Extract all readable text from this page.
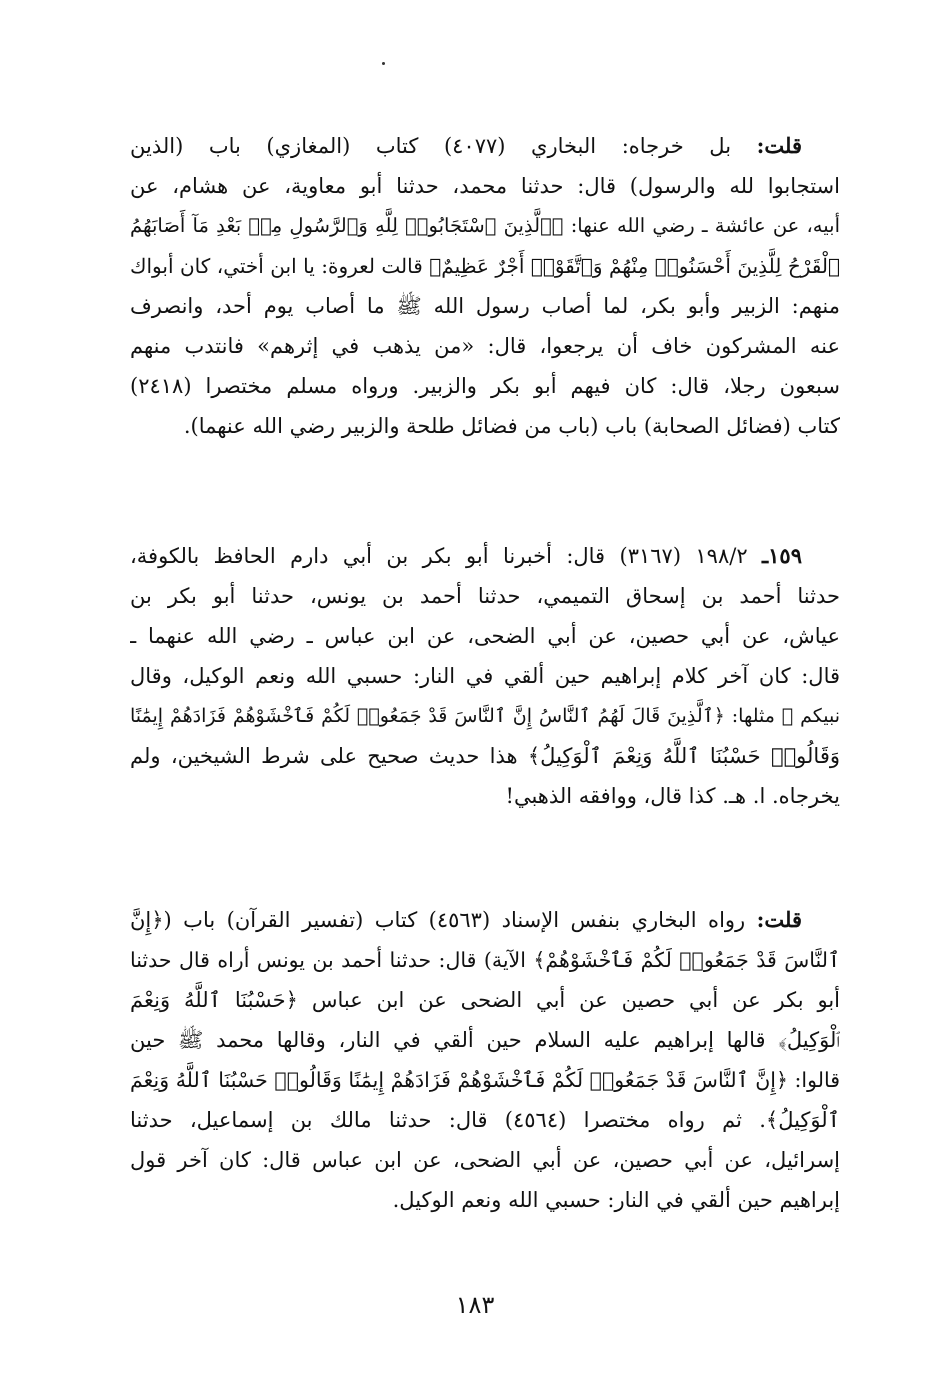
قلت: بل خرجاه: البخاري (٤٠٧٧) كتاب (المغازي) باب (الذين
استجابوا لله والرسول) قال: حدثنا محمد، حدثنا أبو معاوية، عن هشام، عن
أبيه، عن عائشة ـ رضي الله عنها: ﴿ٱلَّذِينَ ٱسْتَجَابُوا۟ لِلَّهِ وَٱلرَّسُولِ مِنۢ بَعْدِ مَآ أَصَابَهُمُ
ٱلْقَرْحُ لِلَّذِينَ أَحْسَنُوا۟ مِنْهُمْ وَٱتَّقَوْا۟ أَجْرٌ عَظِيمٌ﴾ قالت لعروة: يا ابن أختي، كان أبواك
منهم: الزبير وأبو بكر، لما أصاب رسول الله ﷺ ما أصاب يوم أحد، وانصرف
عنه المشركون خاف أن يرجعوا، قال: «من يذهب في إثرهم» فانتدب منهم
سبعون رجلا، قال: كان فيهم أبو بكر والزبير. ورواه مسلم مختصرا (٢٤١٨)
كتاب (فضائل الصحابة) باب (باب من فضائل طلحة والزبير رضي الله عنهما).
١٥٩ـ ١٩٨/٢ (٣١٦٧) قال: أخبرنا أبو بكر بن أبي دارم الحافظ بالكوفة،
حدثنا أحمد بن إسحاق التميمي، حدثنا أحمد بن يونس، حدثنا أبو بكر بن
عياش، عن أبي حصين، عن أبي الضحى، عن ابن عباس ـ رضي الله عنهما ـ
قال: كان آخر كلام إبراهيم حين ألقي في النار: حسبي الله ونعم الوكيل، وقال
نبيكم ﷺ مثلها: ﴿ٱلَّذِينَ قَالَ لَهُمُ ٱلنَّاسُ إِنَّ ٱلنَّاسَ قَدْ جَمَعُوا۟ لَكُمْ فَٱخْشَوْهُمْ فَزَادَهُمْ إِيمَٰنًا
وَقَالُوا۟ حَسْبُنَا ٱللَّهُ وَنِعْمَ ٱلْوَكِيلُ﴾ هذا حديث صحيح على شرط الشيخين، ولم
يخرجاه. ا. هـ. كذا قال، ووافقه الذهبي!
قلت: رواه البخاري بنفس الإسناد (٤٥٦٣) كتاب (تفسير القرآن) باب (﴿إِنَّ
ٱلنَّاسَ قَدْ جَمَعُوا۟ لَكُمْ فَٱخْشَوْهُمْ﴾ الآية) قال: حدثنا أحمد بن يونس أراه قال حدثنا
أبو بكر عن أبي حصين عن أبي الضحى عن ابن عباس ﴿حَسْبُنَا ٱللَّهُ وَنِعْمَ
ٱلْوَكِيلُ﴾ قالها إبراهيم عليه السلام حين ألقي في النار، وقالها محمد ﷺ حين
قالوا: ﴿إِنَّ ٱلنَّاسَ قَدْ جَمَعُوا۟ لَكُمْ فَٱخْشَوْهُمْ فَزَادَهُمْ إِيمَٰنًا وَقَالُوا۟ حَسْبُنَا ٱللَّهُ وَنِعْمَ
ٱلْوَكِيلُ﴾. ثم رواه مختصرا (٤٥٦٤) قال: حدثنا مالك بن إسماعيل، حدثنا
إسرائيل، عن أبي حصين، عن أبي الضحى، عن ابن عباس قال: كان آخر قول
إبراهيم حين ألقي في النار: حسبي الله ونعم الوكيل.
١٨٣
